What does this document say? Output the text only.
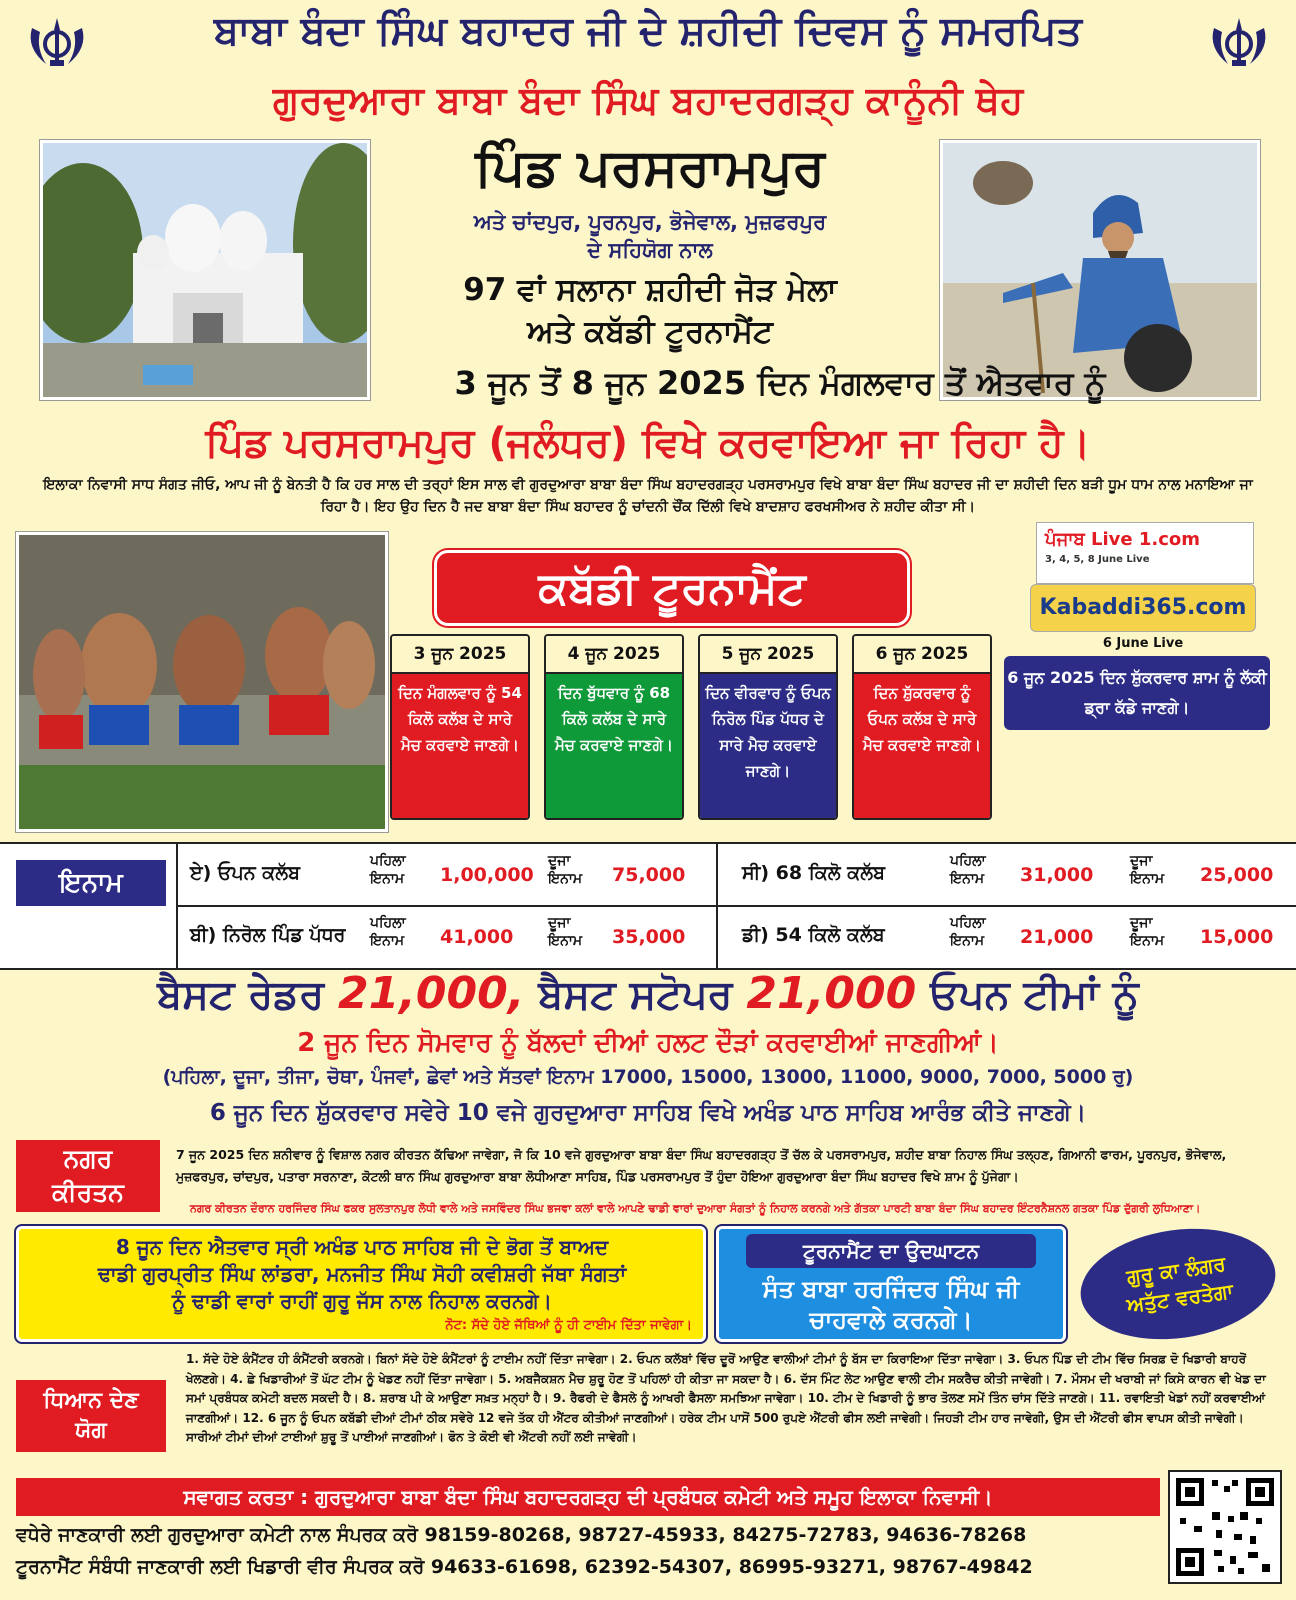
ਬਾਬਾ ਬੰਦਾ ਸਿੰਘ ਬਹਾਦਰ ਜੀ ਦੇ ਸ਼ਹੀਦੀ ਦਿਵਸ ਨੂੰ ਸਮਰਪਿਤ
ਗੁਰਦੁਆਰਾ ਬਾਬਾ ਬੰਦਾ ਸਿੰਘ ਬਹਾਦਰਗੜ੍ਹ ਕਾਨੂੰਨੀ ਥੇਹ
ਪਿੰਡ ਪਰਸਰਾਮਪੁਰ
ਅਤੇ ਚਾਂਦਪੁਰ, ਪੂਰਨਪੁਰ, ਭੋਜੇਵਾਲ, ਮੁਜ਼ਫਰਪੁਰ
ਦੇ ਸਹਿਯੋਗ ਨਾਲ
97 ਵਾਂ ਸਲਾਨਾ ਸ਼ਹੀਦੀ ਜੋੜ ਮੇਲਾ
ਅਤੇ ਕਬੱਡੀ ਟੂਰਨਾਮੈਂਟ
3 ਜੂਨ ਤੋਂ 8 ਜੂਨ 2025 ਦਿਨ ਮੰਗਲਵਾਰ ਤੋਂ ਐਤਵਾਰ ਨੂੰ
ਪਿੰਡ ਪਰਸਰਾਮਪੁਰ (ਜਲੰਧਰ) ਵਿਖੇ ਕਰਵਾਇਆ ਜਾ ਰਿਹਾ ਹੈ।
ਇਲਾਕਾ ਨਿਵਾਸੀ ਸਾਧ ਸੰਗਤ ਜੀਓ, ਆਪ ਜੀ ਨੂੰ ਬੇਨਤੀ ਹੈ ਕਿ ਹਰ ਸਾਲ ਦੀ ਤਰ੍ਹਾਂ ਇਸ ਸਾਲ ਵੀ ਗੁਰਦੁਆਰਾ ਬਾਬਾ ਬੰਦਾ ਸਿੰਘ ਬਹਾਦਰਗੜ੍ਹ ਪਰਸਰਾਮਪੁਰ ਵਿਖੇ ਬਾਬਾ ਬੰਦਾ ਸਿੰਘ ਬਹਾਦਰ ਜੀ ਦਾ ਸ਼ਹੀਦੀ ਦਿਨ ਬੜੀ ਧੂਮ ਧਾਮ ਨਾਲ ਮਨਾਇਆ ਜਾ ਰਿਹਾ ਹੈ। ਇਹ ਉਹ ਦਿਨ ਹੈ ਜਦ ਬਾਬਾ ਬੰਦਾ ਸਿੰਘ ਬਹਾਦਰ ਨੂੰ ਚਾਂਦਨੀ ਚੌਂਕ ਦਿੱਲੀ ਵਿਖੇ ਬਾਦਸ਼ਾਹ ਫਰਖਸੀਅਰ ਨੇ ਸ਼ਹੀਦ ਕੀਤਾ ਸੀ।
ਕਬੱਡੀ ਟੂਰਨਾਮੈਂਟ
3 ਜੂਨ 2025
ਦਿਨ ਮੰਗਲਵਾਰ ਨੂੰ 54 ਕਿਲੋ ਕਲੱਬ ਦੇ ਸਾਰੇ ਮੈਚ ਕਰਵਾਏ ਜਾਣਗੇ।
4 ਜੂਨ 2025
ਦਿਨ ਬੁੱਧਵਾਰ ਨੂੰ 68 ਕਿਲੋ ਕਲੱਬ ਦੇ ਸਾਰੇ ਮੈਚ ਕਰਵਾਏ ਜਾਣਗੇ।
5 ਜੂਨ 2025
ਦਿਨ ਵੀਰਵਾਰ ਨੂੰ ਓਪਨ ਨਿਰੋਲ ਪਿੰਡ ਪੱਧਰ ਦੇ ਸਾਰੇ ਮੈਚ ਕਰਵਾਏ ਜਾਣਗੇ।
6 ਜੂਨ 2025
ਦਿਨ ਸ਼ੁੱਕਰਵਾਰ ਨੂੰ ਓਪਨ ਕਲੱਬ ਦੇ ਸਾਰੇ ਮੈਚ ਕਰਵਾਏ ਜਾਣਗੇ।
ਪੰਜਾਬ Live 1.com
3, 4, 5, 8 June Live
Kabaddi365.com
6 June Live
6 ਜੂਨ 2025 ਦਿਨ ਸ਼ੁੱਕਰਵਾਰ ਸ਼ਾਮ ਨੂੰ ਲੱਕੀ ਡ੍ਰਾ ਕੱਡੇ ਜਾਣਗੇ।
ਇਨਾਮ	ਏ) ਓਪਨ ਕਲੱਬ
ਪਹਿਲਾ ਇਨਾਮ	1,00,000
ਦੂਜਾ ਇਨਾਮ	75,000
ਬੀ) ਨਿਰੋਲ ਪਿੰਡ ਪੱਧਰ
ਪਹਿਲਾ ਇਨਾਮ	41,000
ਦੂਜਾ ਇਨਾਮ	35,000
ਸੀ) 68 ਕਿਲੋ ਕਲੱਬ
ਪਹਿਲਾ ਇਨਾਮ	31,000
ਦੂਜਾ ਇਨਾਮ	25,000
ਡੀ) 54 ਕਿਲੋ ਕਲੱਬ
ਪਹਿਲਾ ਇਨਾਮ	21,000
ਦੂਜਾ ਇਨਾਮ	15,000
ਬੈਸਟ ਰੇਡਰ 21,000, ਬੈਸਟ ਸਟੋਪਰ 21,000 ਓਪਨ ਟੀਮਾਂ ਨੂੰ
2 ਜੂਨ ਦਿਨ ਸੋਮਵਾਰ ਨੂੰ ਬੱਲਦਾਂ ਦੀਆਂ ਹਲਟ ਦੌੜਾਂ ਕਰਵਾਈਆਂ ਜਾਣਗੀਆਂ।
(ਪਹਿਲਾ, ਦੂਜਾ, ਤੀਜਾ, ਚੋਥਾ, ਪੰਜਵਾਂ, ਛੇਵਾਂ ਅਤੇ ਸੱਤਵਾਂ ਇਨਾਮ 17000, 15000, 13000, 11000, 9000, 7000, 5000 ਰੁ)
6 ਜੂਨ ਦਿਨ ਸ਼ੁੱਕਰਵਾਰ ਸਵੇਰੇ 10 ਵਜੇ ਗੁਰਦੁਆਰਾ ਸਾਹਿਬ ਵਿਖੇ ਅਖੰਡ ਪਾਠ ਸਾਹਿਬ ਆਰੰਭ ਕੀਤੇ ਜਾਣਗੇ।
ਨਗਰ
ਕੀਰਤਨ
7 ਜੂਨ 2025 ਦਿਨ ਸ਼ਨੀਵਾਰ ਨੂੰ ਵਿਸ਼ਾਲ ਨਗਰ ਕੀਰਤਨ ਕੱਢਿਆ ਜਾਵੇਗਾ, ਜੋ ਕਿ 10 ਵਜੇ ਗੁਰਦੁਆਰਾ ਬਾਬਾ ਬੰਦਾ ਸਿੰਘ ਬਹਾਦਰਗੜ੍ਹ ਤੋਂ ਚੱਲ ਕੇ ਪਰਸਰਾਮਪੁਰ, ਸ਼ਹੀਦ ਬਾਬਾ ਨਿਹਾਲ ਸਿੰਘ ਤਲ੍ਹਣ, ਗਿਆਨੀ ਫਾਰਮ, ਪੂਰਨਪੁਰ, ਭੋਜੇਵਾਲ, ਮੁਜ਼ਫਰਪੁਰ, ਚਾਂਦਪੁਰ, ਪਤਾਰਾ ਸਰਨਾਣਾ, ਕੋਟਲੀ ਥਾਨ ਸਿੰਘ ਗੁਰਦੁਆਰਾ ਬਾਬਾ ਲੋਧੀਆਣਾ ਸਾਹਿਬ, ਪਿੰਡ ਪਰਸਰਾਮਪੁਰ ਤੋਂ ਹੁੰਦਾ ਹੋਇਆ ਗੁਰਦੁਆਰਾ ਬੰਦਾ ਸਿੰਘ ਬਹਾਦਰ ਵਿਖੇ ਸ਼ਾਮ ਨੂੰ ਪੁੱਜੇਗਾ।
ਨਗਰ ਕੀਰਤਨ ਦੌਰਾਨ ਹਰਜਿੰਦਰ ਸਿੰਘ ਫਕਰ ਸੁਲਤਾਨਪੁਰ ਲੋਧੀ ਵਾਲੇ ਅਤੇ ਜਸਵਿੰਦਰ ਸਿੰਘ ਭਜਵਾ ਕਲਾਂ ਵਾਲੇ ਆਪਣੇ ਢਾਡੀ ਵਾਰਾਂ ਦੁਆਰਾ ਸੰਗਤਾਂ ਨੂੰ ਨਿਹਾਲ ਕਰਨਗੇ ਅਤੇ ਗੱਤਕਾ ਪਾਰਟੀ ਬਾਬਾ ਬੰਦਾ ਸਿੰਘ ਬਹਾਦਰ ਇੰਟਰਨੈਸ਼ਨਲ ਗਤਕਾ ਪਿੰਡ ਦੁੱਗਰੀ ਲੁਧਿਆਣਾ।
8 ਜੂਨ ਦਿਨ ਐਤਵਾਰ ਸ੍ਰੀ ਅਖੰਡ ਪਾਠ ਸਾਹਿਬ ਜੀ ਦੇ ਭੋਗ ਤੋਂ ਬਾਅਦ
ਢਾਡੀ ਗੁਰਪ੍ਰੀਤ ਸਿੰਘ ਲਾਂਡਰਾ, ਮਨਜੀਤ ਸਿੰਘ ਸੋਹੀ ਕਵੀਸ਼ਰੀ ਜੱਥਾ ਸੰਗਤਾਂ
ਨੂੰ ਢਾਡੀ ਵਾਰਾਂ ਰਾਹੀਂ ਗੁਰੂ ਜੱਸ ਨਾਲ ਨਿਹਾਲ ਕਰਨਗੇ।
ਨੋਟ: ਸੱਦੇ ਹੋਏ ਜੱਥਿਆਂ ਨੂੰ ਹੀ ਟਾਈਮ ਦਿੱਤਾ ਜਾਵੇਗਾ।
ਟੂਰਨਾਮੈਂਟ ਦਾ ਉਦਘਾਟਨ
ਸੰਤ ਬਾਬਾ ਹਰਜਿੰਦਰ ਸਿੰਘ ਜੀ
ਚਾਹਵਾਲੇ ਕਰਨਗੇ।
ਗੁਰੂ ਕਾ ਲੰਗਰ
ਅਤੁੱਟ ਵਰਤੇਗਾ
ਧਿਆਨ ਦੇਣ
ਯੋਗ
1. ਸੱਦੇ ਹੋਏ ਕੰਮੈਂਟਰ ਹੀ ਕੰਮੈਂਟਰੀ ਕਰਨਗੇ। ਬਿਨਾਂ ਸੱਦੇ ਹੋਏ ਕੰਮੈਂਟਰਾਂ ਨੂੰ ਟਾਈਮ ਨਹੀਂ ਦਿੱਤਾ ਜਾਵੇਗਾ। 2. ਓਪਨ ਕਲੱਬਾਂ ਵਿੱਚ ਦੂਰੋਂ ਆਉਣ ਵਾਲੀਆਂ ਟੀਮਾਂ ਨੂੰ ਬੱਸ ਦਾ ਕਿਰਾਇਆ ਦਿੱਤਾ ਜਾਵੇਗਾ। 3. ਓਪਨ ਪਿੰਡ ਦੀ ਟੀਮ ਵਿੱਚ ਸਿਰਫ਼ ਦੋ ਖਿਡਾਰੀ ਬਾਹਰੋਂ ਖੇਲਣਗੇ। 4. ਛੇ ਖਿਡਾਰੀਆਂ ਤੋਂ ਘੱਟ ਟੀਮ ਨੂੰ ਖੇਡਣ ਨਹੀਂ ਦਿੱਤਾ ਜਾਵੇਗਾ। 5. ਅਬਜੈਕਸ਼ਨ ਮੈਚ ਸ਼ੁਰੂ ਹੋਣ ਤੋਂ ਪਹਿਲਾਂ ਹੀ ਕੀਤਾ ਜਾ ਸਕਦਾ ਹੈ। 6. ਦੱਸ ਮਿੰਟ ਲੇਟ ਆਉਣ ਵਾਲੀ ਟੀਮ ਸਕਰੈਚ ਕੀਤੀ ਜਾਵੇਗੀ। 7. ਮੌਸਮ ਦੀ ਖਰਾਬੀ ਜਾਂ ਕਿਸੇ ਕਾਰਨ ਵੀ ਖੇਡ ਦਾ ਸਮਾਂ ਪ੍ਰਬੰਧਕ ਕਮੇਟੀ ਬਦਲ ਸਕਦੀ ਹੈ। 8. ਸ਼ਰਾਬ ਪੀ ਕੇ ਆਉਣਾ ਸਖ਼ਤ ਮਨ੍ਹਾਂ ਹੈ। 9. ਰੈਫਰੀ ਦੇ ਫੈਸਲੇ ਨੂੰ ਆਖਰੀ ਫੈਸਲਾ ਸਮਝਿਆ ਜਾਵੇਗਾ। 10. ਟੀਮ ਦੇ ਖਿਡਾਰੀ ਨੂੰ ਭਾਰ ਤੋਲਣ ਸਮੇਂ ਤਿੰਨ ਚਾਂਸ ਦਿੱਤੇ ਜਾਣਗੇ। 11. ਰਵਾਇਤੀ ਖੇਡਾਂ ਨਹੀਂ ਕਰਵਾਈਆਂ ਜਾਣਗੀਆਂ। 12. 6 ਜੂਨ ਨੂੰ ਓਪਨ ਕਬੱਡੀ ਦੀਆਂ ਟੀਮਾਂ ਠੀਕ ਸਵੇਰੇ 12 ਵਜੇ ਤੱਕ ਹੀ ਐਂਟਰ ਕੀਤੀਆਂ ਜਾਣਗੀਆਂ। ਹਰੇਕ ਟੀਮ ਪਾਸੋਂ 500 ਰੁਪਏ ਐਂਟਰੀ ਫੀਸ ਲਈ ਜਾਵੇਗੀ। ਜਿਹੜੀ ਟੀਮ ਹਾਰ ਜਾਵੇਗੀ, ਉਸ ਦੀ ਐਂਟਰੀ ਫੀਸ ਵਾਪਸ ਕੀਤੀ ਜਾਵੇਗੀ। ਸਾਰੀਆਂ ਟੀਮਾਂ ਦੀਆਂ ਟਾਈਆਂ ਸ਼ੁਰੂ ਤੋਂ ਪਾਈਆਂ ਜਾਣਗੀਆਂ। ਫੋਨ ਤੇ ਕੋਈ ਵੀ ਐਂਟਰੀ ਨਹੀਂ ਲਈ ਜਾਵੇਗੀ।
ਸਵਾਗਤ ਕਰਤਾ : ਗੁਰਦੁਆਰਾ ਬਾਬਾ ਬੰਦਾ ਸਿੰਘ ਬਹਾਦਰਗੜ੍ਹ ਦੀ ਪ੍ਰਬੰਧਕ ਕਮੇਟੀ ਅਤੇ ਸਮੂਹ ਇਲਾਕਾ ਨਿਵਾਸੀ।
ਵਧੇਰੇ ਜਾਣਕਾਰੀ ਲਈ ਗੁਰਦੁਆਰਾ ਕਮੇਟੀ ਨਾਲ ਸੰਪਰਕ ਕਰੋ 98159-80268, 98727-45933, 84275-72783, 94636-78268
ਟੂਰਨਾਮੈਂਟ ਸੰਬੰਧੀ ਜਾਣਕਾਰੀ ਲਈ ਖਿਡਾਰੀ ਵੀਰ ਸੰਪਰਕ ਕਰੋ 94633-61698, 62392-54307, 86995-93271, 98767-49842
